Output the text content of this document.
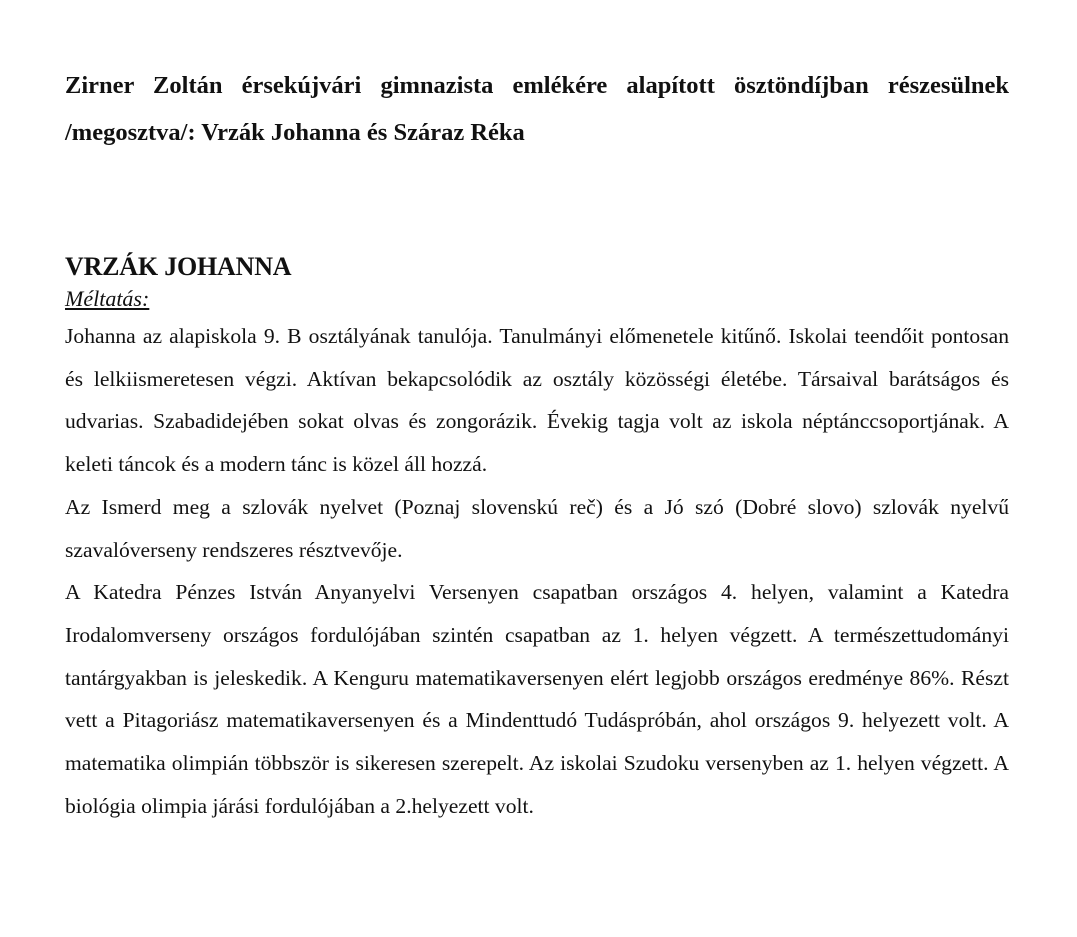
Zirner Zoltán érsekújvári gimnazista emlékére alapított ösztöndíjban részesülnek /megosztva/: Vrzák Johanna és Száraz Réka

VRZÁK JOHANNA

Méltatás:

Johanna az alapiskola 9. B osztályának tanulója. Tanulmányi előmenetele kitűnő. Iskolai teendőit pontosan és lelkiismeretesen végzi. Aktívan bekapcsolódik az osztály közösségi életébe. Társaival barátságos és udvarias. Szabadidejében sokat olvas és zongorázik. Évekig tagja volt az iskola néptánccsoportjának. A keleti táncok és a modern tánc is közel áll hozzá.

Az Ismerd meg a szlovák nyelvet (Poznaj slovenskú reč) és a Jó szó (Dobré slovo) szlovák nyelvű szavalóverseny rendszeres résztvevője.

A Katedra Pénzes István Anyanyelvi Versenyen csapatban országos 4. helyen, valamint a Katedra Irodalomverseny országos fordulójában szintén csapatban az 1. helyen végzett. A természettudományi tantárgyakban is jeleskedik. A Kenguru matematikaversenyen elért legjobb országos eredménye 86%. Részt vett a Pitagoriász matematikaversenyen és a Mindenttudó Tudáspróbán, ahol országos 9. helyezett volt. A matematika olimpián többször is sikeresen szerepelt. Az iskolai Szudoku versenyben az 1. helyen végzett. A biológia olimpia járási fordulójában a 2.helyezett volt.
